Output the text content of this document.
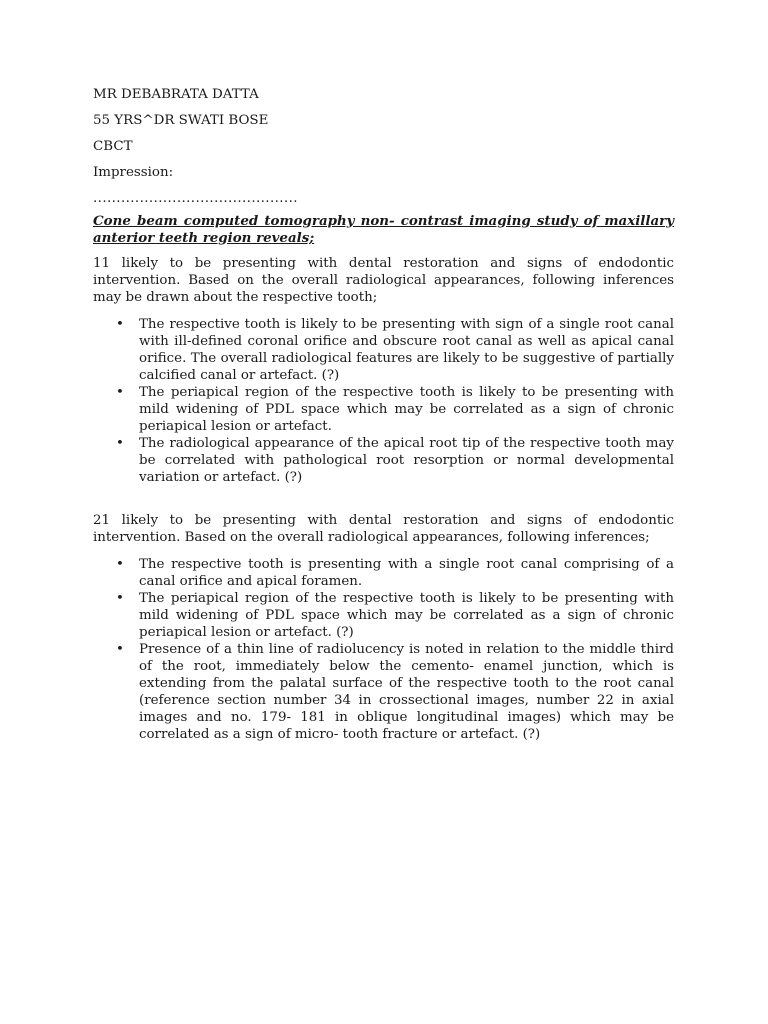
MR DEBABRATA DATTA

55 YRS^DR SWATI BOSE

CBCT

Impression:

............................................

Cone beam computed tomography non- contrast imaging study of maxillary anterior teeth region reveals;

11 likely to be presenting with dental restoration and signs of endodontic intervention. Based on the overall radiological appearances, following inferences may be drawn about the respective tooth;

• The respective tooth is likely to be presenting with sign of a single root canal with ill-defined coronal orifice and obscure root canal as well as apical canal orifice. The overall radiological features are likely to be suggestive of partially calcified canal or artefact. (?)
• The periapical region of the respective tooth is likely to be presenting with mild widening of PDL space which may be correlated as a sign of chronic periapical lesion or artefact.
• The radiological appearance of the apical root tip of the respective tooth may be correlated with pathological root resorption or normal developmental variation or artefact. (?)

21 likely to be presenting with dental restoration and signs of endodontic intervention. Based on the overall radiological appearances, following inferences;

• The respective tooth is presenting with a single root canal comprising of a canal orifice and apical foramen.
• The periapical region of the respective tooth is likely to be presenting with mild widening of PDL space which may be correlated as a sign of chronic periapical lesion or artefact. (?)
• Presence of a thin line of radiolucency is noted in relation to the middle third of the root, immediately below the cemento- enamel junction, which is extending from the palatal surface of the respective tooth to the root canal (reference section number 34 in crossectional images, number 22 in axial images and no. 179- 181 in oblique longitudinal images) which may be correlated as a sign of micro- tooth fracture or artefact. (?)
